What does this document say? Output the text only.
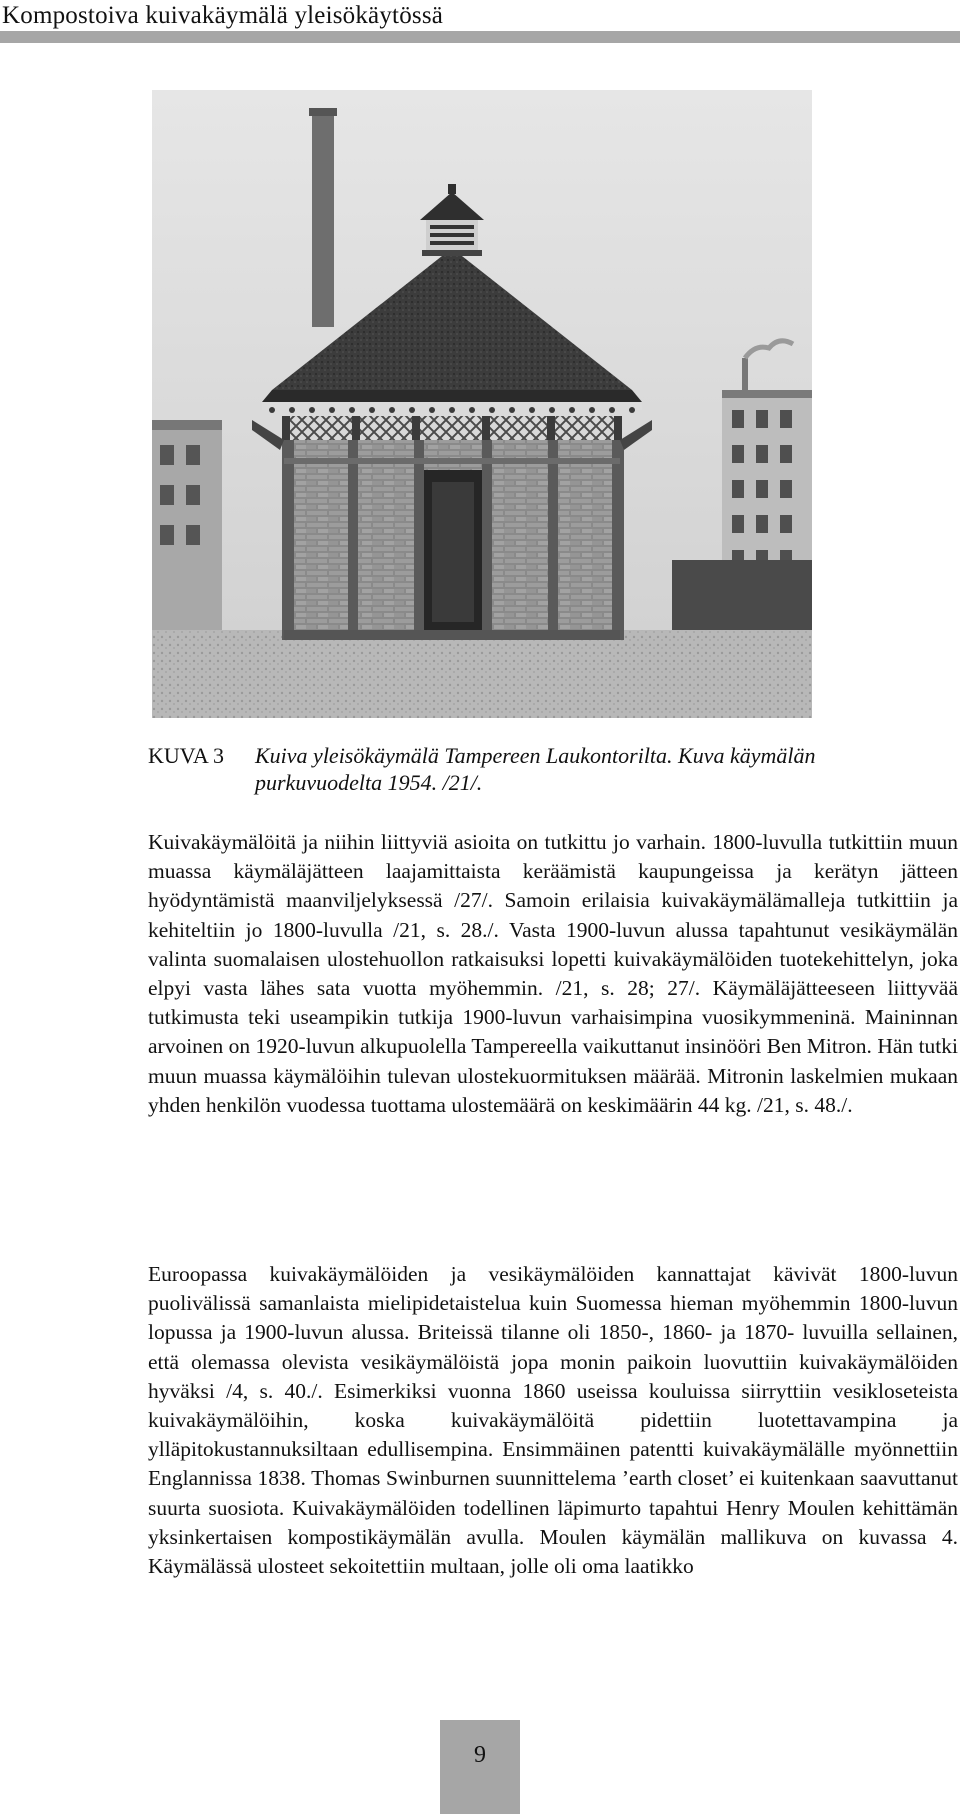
Kompostoiva kuivakäymälä yleisökäytössä
KUVA 3 Kuiva yleisökäymälä Tampereen Laukontorilta. Kuva käymälän purkuvuodelta 1954. /21/.

Kuivakäymälöitä ja niihin liittyviä asioita on tutkittu jo varhain. 1800-luvulla tutkittiin muun muassa käymäläjätteen laajamittaista keräämistä kaupungeissa ja kerätyn jätteen hyödyntämistä maanviljelyksessä /27/. Samoin erilaisia kuivakäymälämalleja tutkittiin ja kehiteltiin jo 1800-luvulla /21, s. 28./. Vasta 1900-luvun alussa tapahtunut vesikäymälän valinta suomalaisen ulostehuollon ratkaisuksi lopetti kuivakäymälöiden tuotekehittelyn, joka elpyi vasta lähes sata vuotta myöhemmin. /21, s. 28; 27/. Käymäläjätteeseen liittyvää tutkimusta teki useampikin tutkija 1900-luvun varhaisimpina vuosikymmeninä. Maininnan arvoinen on 1920-luvun alkupuolella Tampereella vaikuttanut insinööri Ben Mitron. Hän tutki muun muassa käymälöihin tulevan ulostekuormituksen määrää. Mitronin laskelmien mukaan yhden henkilön vuodessa tuottama ulostemäärä on keskimäärin 44 kg. /21, s. 48./.

Euroopassa kuivakäymälöiden ja vesikäymälöiden kannattajat kävivät 1800-luvun puolivälissä samanlaista mielipidetaistelua kuin Suomessa hieman myöhemmin 1800-luvun lopussa ja 1900-luvun alussa. Briteissä tilanne oli 1850-, 1860- ja 1870- luvuilla sellainen, että olemassa olevista vesikäymälöistä jopa monin paikoin luovuttiin kuivakäymälöiden hyväksi /4, s. 40./. Esimerkiksi vuonna 1860 useissa kouluissa siirryttiin vesikloseteista kuivakäymälöihin, koska kuivakäymälöitä pidettiin luotettavampina ja ylläpitokustannuksiltaan edullisempina. Ensimmäinen patentti kuivakäymälälle myönnettiin Englannissa 1838. Thomas Swinburnen suunnittelema ’earth closet’ ei kuitenkaan saavuttanut suurta suosiota. Kuivakäymälöiden todellinen läpimurto tapahtui Henry Moulen kehittämän yksinkertaisen kompostikäymälän avulla. Moulen käymälän mallikuva on kuvassa 4. Käymälässä ulosteet sekoitettiin multaan, jolle oli oma laatikko

9
